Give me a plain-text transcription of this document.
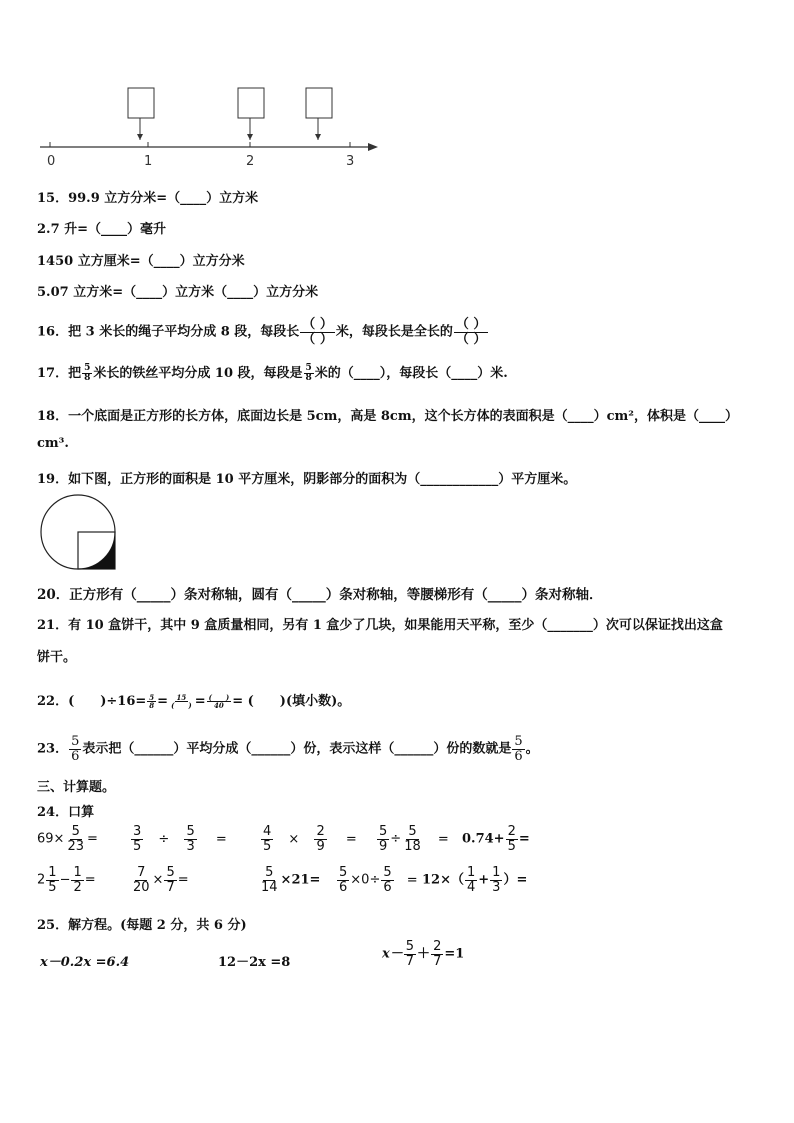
0	1	2	3
15．99.9 立方分米=（____）立方米
2.7 升=（____）毫升
1450 立方厘米=（____）立方分米
5.07 立方米=（____）立方米（____）立方分米
16．把 3 米长的绳子平均分成 8 段，每段长 $\frac{( )}{( )}$ 米，每段长是全长的 $\frac{( )}{( )}$
17．把 $\frac{5}{8}$ 米长的铁丝平均分成 10 段，每段是 $\frac{5}{8}$ 米的（____），每段长（____）米.
18．一个底面是正方形的长方体，底面边长是 5cm，高是 8cm，这个长方体的表面积是（____）cm²，体积是（____）
cm³.
19．如下图，正方形的面积是 10 平方厘米，阴影部分的面积为（____________）平方厘米。
20．正方形有（_____）条对称轴，圆有（_____）条对称轴，等腰梯形有（_____）条对称轴．
21．有 10 盒饼干，其中 9 盒质量相同，另有 1 盒少了几块，如果能用天平称，至少（_______）次可以保证找出这盒
饼干。
22．(　　)$\div 16= \frac{5}{8} = \frac{15}{( )} = \frac{( )}{40}$ = (　　)(填小数)。
23． $\frac{5}{6}$ 表示把（______）平均分成（______）份，表示这样（______）份的数就是 $\frac{5}{6}$ 。
三、计算题。
24．口算
$69\times \frac{5}{23}$ =	$\frac{3}{5} \div \frac{5}{3}$ =	$\frac{4}{5} \times \frac{2}{9} = \frac{5}{9} \div \frac{5}{18} = 0.74+ \frac{2}{5}$ =
$2 \frac{1}{5} - \frac{1}{2}$ =	$\frac{7}{20} \times \frac{5}{7}$ =	$\frac{5}{14} \times 21= \frac{5}{6} \times 0\div \frac{5}{6} = 12\times( \frac{1}{4} + \frac{1}{3}$ ）=
25．解方程。(每题 2 分，共 6 分)
x－0.2x =6.4	12－2x =8
$x- \frac{5}{7} + \frac{2}{7} =1$
